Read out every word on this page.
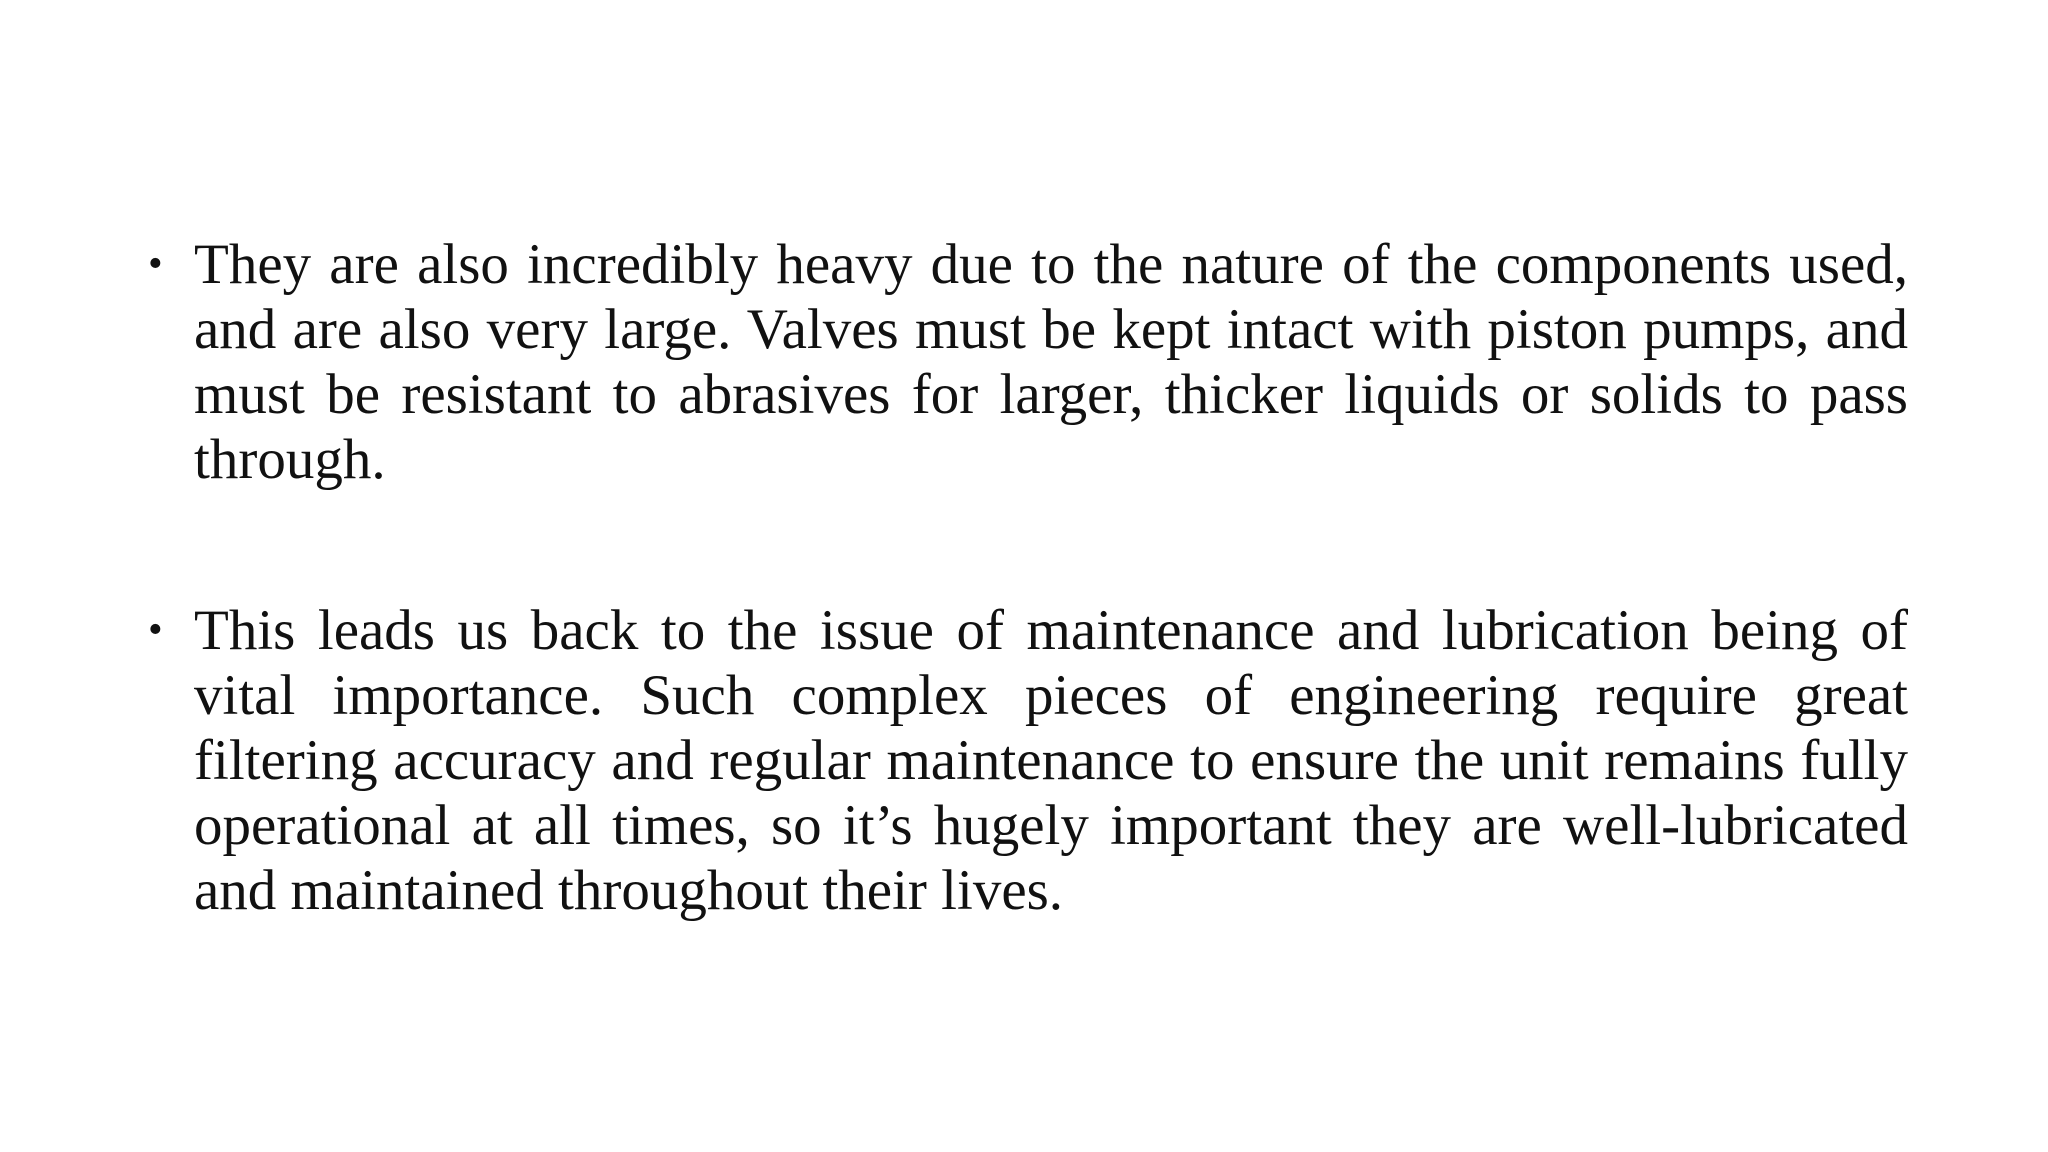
• They are also incredibly heavy due to the nature of the components used, and are also very large. Valves must be kept intact with piston pumps, and must be resistant to abrasives for larger, thicker liquids or solids to pass through.
• This leads us back to the issue of maintenance and lubrication being of vital importance. Such complex pieces of engineering require great filtering accuracy and regular maintenance to ensure the unit remains fully operational at all times, so it’s hugely important they are well-lubricated and maintained throughout their lives.
